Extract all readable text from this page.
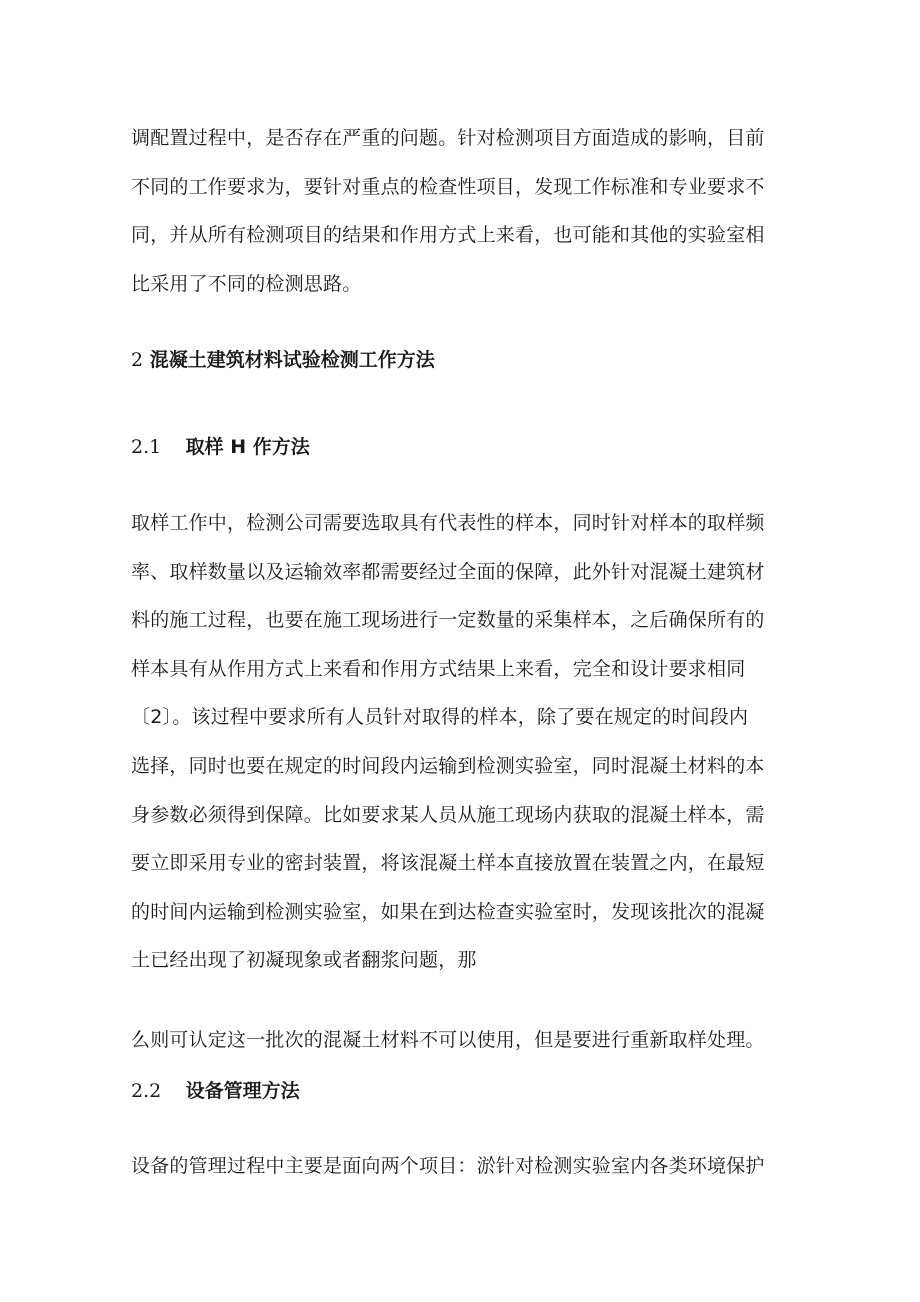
调配置过程中，是否存在严重的问题。针对检测项目方面造成的影响，目前
不同的工作要求为，要针对重点的检查性项目，发现工作标准和专业要求不
同，并从所有检测项目的结果和作用方式上来看，也可能和其他的实验室相
比采用了不同的检测思路。

2 混凝土建筑材料试验检测工作方法
2.1 取样 H 作方法

取样工作中，检测公司需要选取具有代表性的样本，同时针对样本的取样频
率、取样数量以及运输效率都需要经过全面的保障，此外针对混凝土建筑材
料的施工过程，也要在施工现场进行一定数量的采集样本，之后确保所有的
样本具有从作用方式上来看和作用方式结果上来看，完全和设计要求相同
〔2〕。该过程中要求所有人员针对取得的样本，除了要在规定的时间段内
选择，同时也要在规定的时间段内运输到检测实验室，同时混凝土材料的本
身参数必须得到保障。比如要求某人员从施工现场内获取的混凝土样本，需
要立即采用专业的密封装置，将该混凝土样本直接放置在装置之内，在最短
的时间内运输到检测实验室，如果在到达检查实验室时，发现该批次的混凝
土已经出现了初凝现象或者翻浆问题，那

么则可认定这一批次的混凝土材料不可以使用，但是要进行重新取样处理。

2.2 设备管理方法

设备的管理过程中主要是面向两个项目：淤针对检测实验室内各类环境保护
